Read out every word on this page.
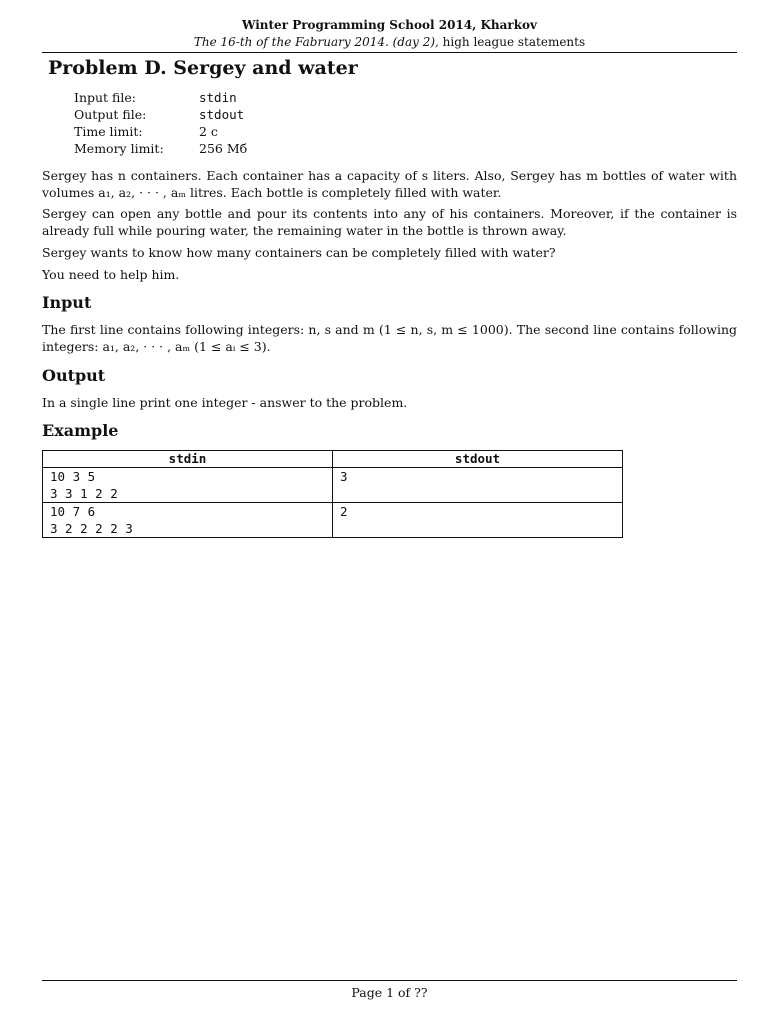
Winter Programming School 2014, Kharkov
The 16-th of the Fabruary 2014. (day 2), high league statements
Problem D. Sergey and water
Input file:	stdin
Output file:	stdout
Time limit:	2 с
Memory limit:	256 Мб

Sergey has n containers. Each container has a capacity of s liters. Also, Sergey has m bottles of water with volumes a₁, a₂, · · · , aₘ litres. Each bottle is completely filled with water.

Sergey can open any bottle and pour its contents into any of his containers. Moreover, if the container is already full while pouring water, the remaining water in the bottle is thrown away.

Sergey wants to know how many containers can be completely filled with water?

You need to help him.

Input

The first line contains following integers: n, s and m (1 ≤ n, s, m ≤ 1000). The second line contains following integers: a₁, a₂, · · · , aₘ (1 ≤ aᵢ ≤ 3).

Output

In a single line print one integer - answer to the problem.

Example
stdin	stdout
10 3 5
3 3 1 2 2	3
10 7 6
3 2 2 2 2 3	2
Page 1 of ??
